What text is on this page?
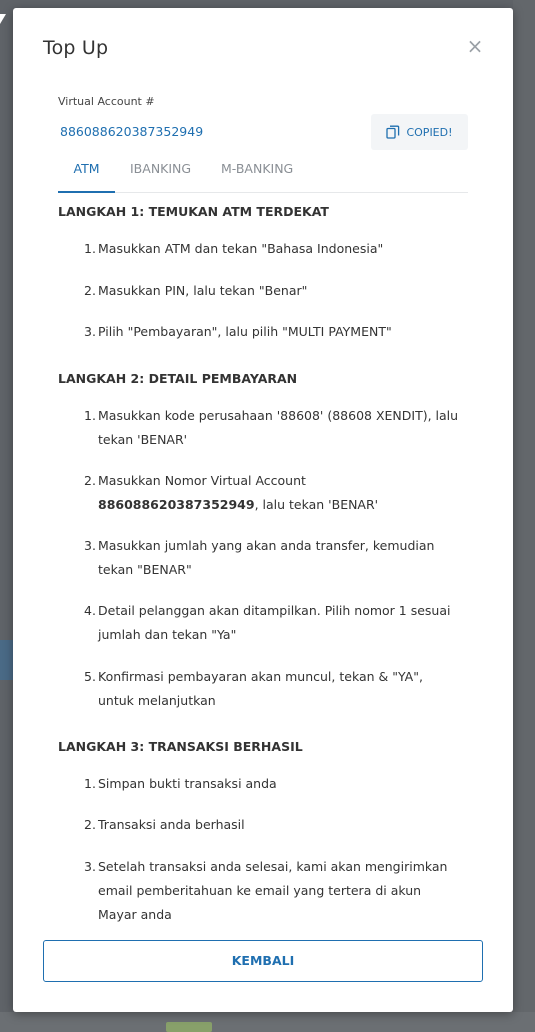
Top Up	×
Virtual Account #
886088620387352949	COPIED!
ATM	IBANKING M-BANKING
LANGKAH 1: TEMUKAN ATM TERDEKAT
1. Masukkan ATM dan tekan "Bahasa Indonesia"
2. Masukkan PIN, lalu tekan "Benar"
3. Pilih "Pembayaran", lalu pilih "MULTI PAYMENT"
LANGKAH 2: DETAIL PEMBAYARAN
1. Masukkan kode perusahaan '88608' (88608 XENDIT), lalu tekan 'BENAR'
2. Masukkan Nomor Virtual Account 886088620387352949, lalu tekan 'BENAR'
3. Masukkan jumlah yang akan anda transfer, kemudian tekan "BENAR"
4. Detail pelanggan akan ditampilkan. Pilih nomor 1 sesuai jumlah dan tekan "Ya"
5. Konfirmasi pembayaran akan muncul, tekan & "YA", untuk melanjutkan
LANGKAH 3: TRANSAKSI BERHASIL
1. Simpan bukti transaksi anda
2. Transaksi anda berhasil
3. Setelah transaksi anda selesai, kami akan mengirimkan email pemberitahuan ke email yang tertera di akun Mayar anda
KEMBALI
